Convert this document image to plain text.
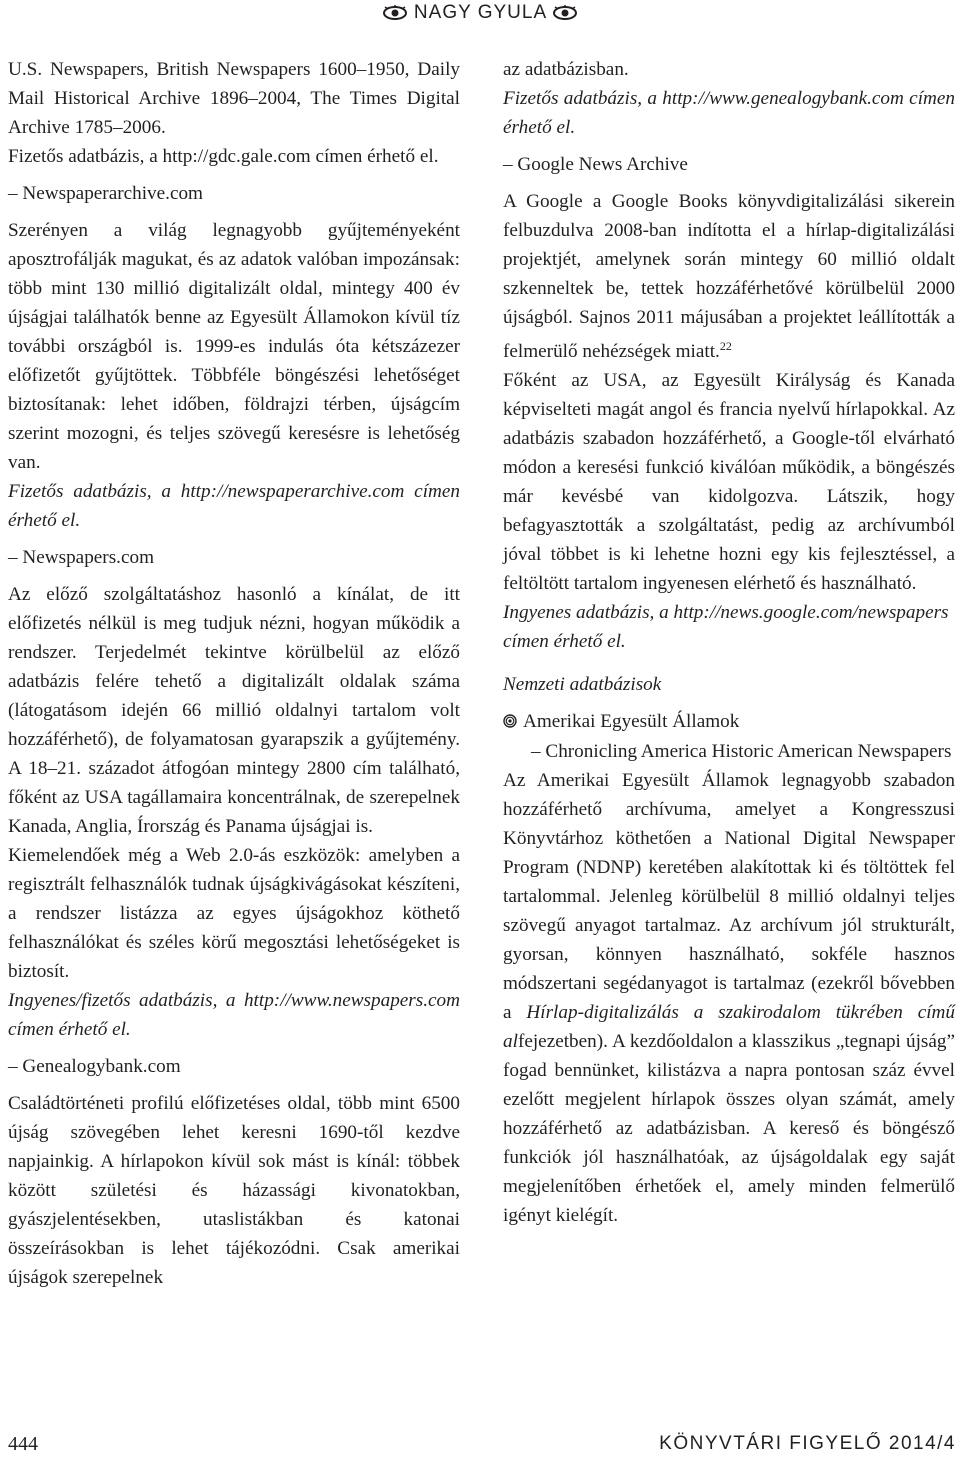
NAGY GYULA

U.S. Newspapers, British Newspapers 1600–1950, Daily Mail Historical Archive 1896–2004, The Times Digital Archive 1785–2006.

Fizetős adatbázis, a http://gdc.gale.com címen érhető el.

– Newspaperarchive.com

Szerényen a világ legnagyobb gyűjteményeként aposztrofálják magukat, és az adatok valóban impozánsak: több mint 130 millió digitalizált oldal, mintegy 400 év újságjai találhatók benne az Egyesült Államokon kívül tíz további országból is. 1999-es indulás óta kétszázezer előfizetőt gyűjtöttek. Többféle böngészési lehetőséget biztosítanak: lehet időben, földrajzi térben, újságcím szerint mozogni, és teljes szövegű keresésre is lehetőség van.

Fizetős adatbázis, a http://newspaperarchive.com címen érhető el.

– Newspapers.com

Az előző szolgáltatáshoz hasonló a kínálat, de itt előfizetés nélkül is meg tudjuk nézni, hogyan működik a rendszer. Terjedelmét tekintve körülbelül az előző adatbázis felére tehető a digitalizált oldalak száma (látogatásom idején 66 millió oldalnyi tartalom volt hozzáférhető), de folyamatosan gyarapszik a gyűjtemény. A 18–21. századot átfogóan mintegy 2800 cím található, főként az USA tagállamaira koncentrálnak, de szerepelnek Kanada, Anglia, Írország és Panama újságjai is.

Kiemelendőek még a Web 2.0-ás eszközök: amelyben a regisztrált felhasználók tudnak újságkivágásokat készíteni, a rendszer listázza az egyes újságokhoz köthető felhasználókat és széles körű megosztási lehetőségeket is biztosít.

Ingyenes/fizetős adatbázis, a http://www.newspapers.com címen érhető el.

– Genealogybank.com

Családtörténeti profilú előfizetéses oldal, több mint 6500 újság szövegében lehet keresni 1690-től kezdve napjainkig. A hírlapokon kívül sok mást is kínál: többek között születési és házassági kivonatokban, gyászjelentésekben, utaslistákban és katonai összeírásokban is lehet tájékozódni. Csak amerikai újságok szerepelnek

az adatbázisban.

Fizetős adatbázis, a http://www.genealogybank.com címen érhető el.

– Google News Archive

A Google a Google Books könyvdigitalizálási sikerein felbuzdulva 2008-ban indította el a hírlap-digitalizálási projektjét, amelynek során mintegy 60 millió oldalt szkenneltek be, tettek hozzáférhetővé körülbelül 2000 újságból. Sajnos 2011 májusában a projektet leállították a felmerülő nehézségek miatt.$^{22}$

Főként az USA, az Egyesült Királyság és Kanada képviselteti magát angol és francia nyelvű hírlapokkal. Az adatbázis szabadon hozzáférhető, a Google-től elvárható módon a keresési funkció kiválóan működik, a böngészés már kevésbé van kidolgozva. Látszik, hogy befagyasztották a szolgáltatást, pedig az archívumból jóval többet is ki lehetne hozni egy kis fejlesztéssel, a feltöltött tartalom ingyenesen elérhető és használható.

Ingyenes adatbázis, a http://news.google.com/newspapers címen érhető el.

Nemzeti adatbázisok

Amerikai Egyesült Államok

– Chronicling America Historic American Newspapers

Az Amerikai Egyesült Államok legnagyobb szabadon hozzáférhető archívuma, amelyet a Kongresszusi Könyvtárhoz köthetően a National Digital Newspaper Program (NDNP) keretében alakítottak ki és töltöttek fel tartalommal. Jelenleg körülbelül 8 millió oldalnyi teljes szövegű anyagot tartalmaz. Az archívum jól strukturált, gyorsan, könnyen használható, sokféle hasznos módszertani segédanyagot is tartalmaz (ezekről bővebben a Hírlap-digitalizálás a szakirodalom tükrében című alfejezetben). A kezdőoldalon a klasszikus „tegnapi újság” fogad bennünket, kilistázva a napra pontosan száz évvel ezelőtt megjelent hírlapok összes olyan számát, amely hozzáférhető az adatbázisban. A kereső és böngésző funkciók jól használhatóak, az újságoldalak egy saját megjelenítőben érhetőek el, amely minden felmerülő igényt kielégít.

444	KÖNYVTÁRI FIGYELŐ 2014/4
